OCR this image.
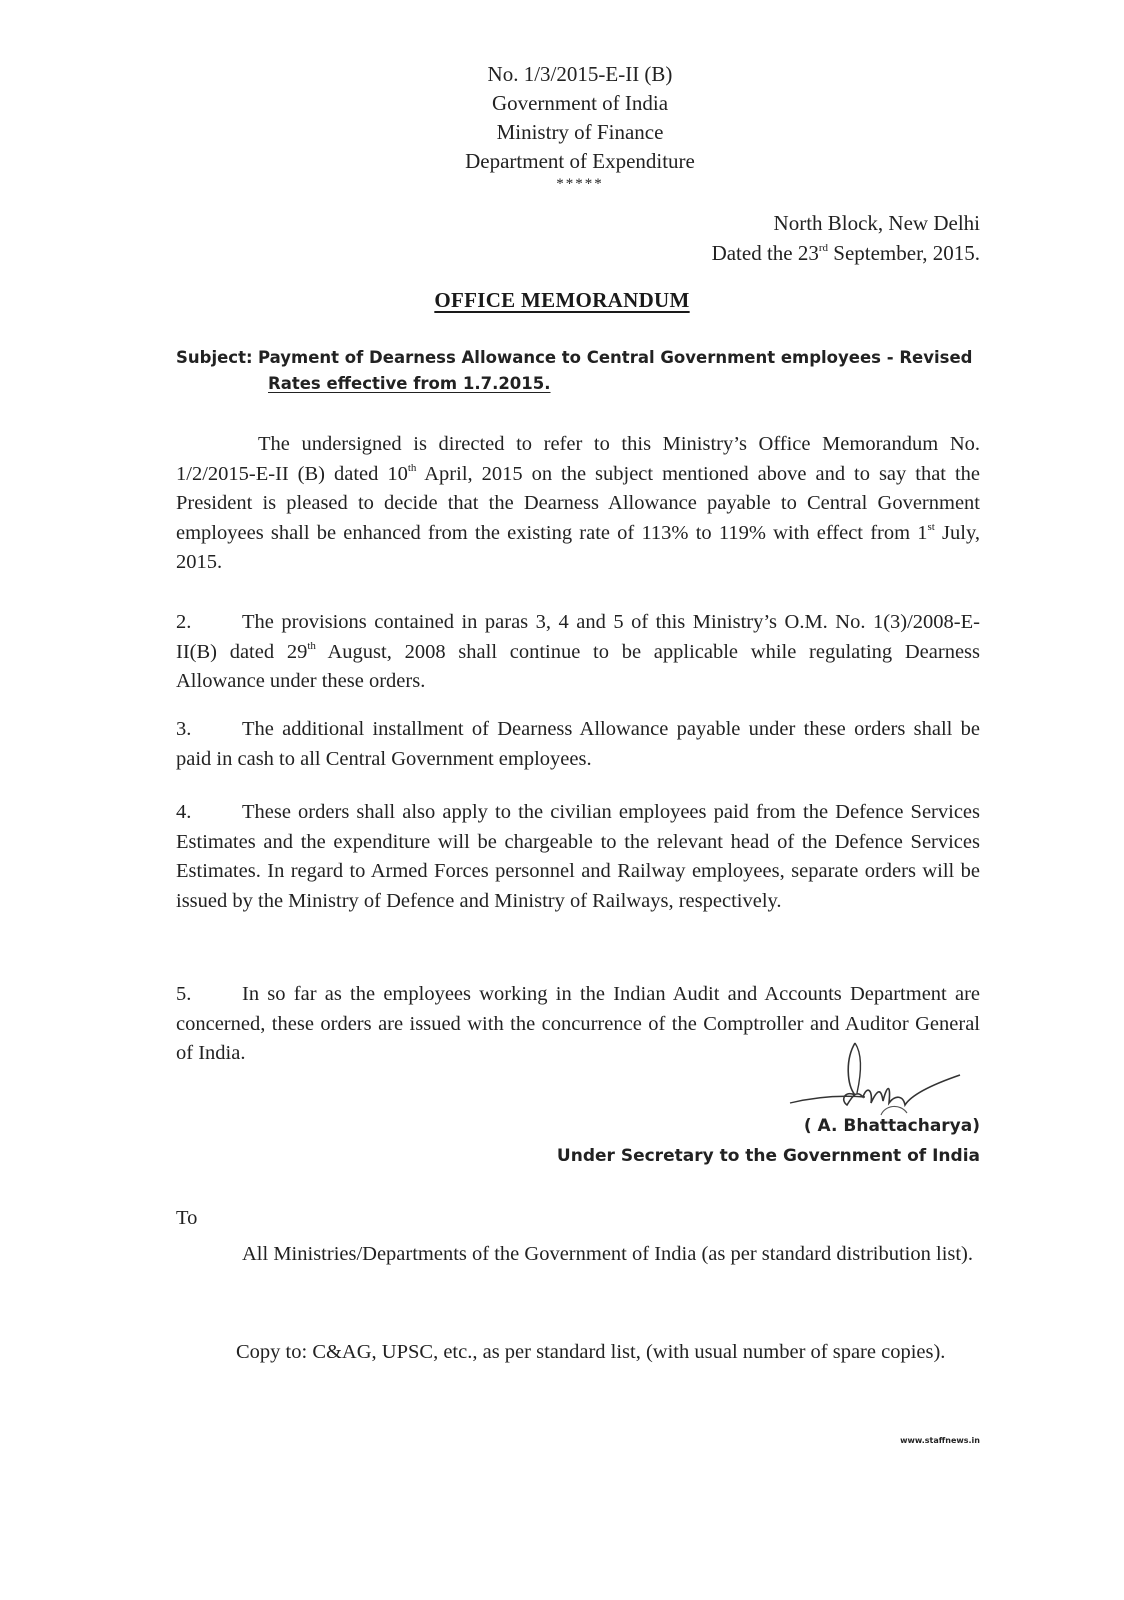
No. 1/3/2015-E-II (B)
Government of India
Ministry of Finance
Department of Expenditure
*****
North Block, New Delhi
Dated the 23rd September, 2015.
OFFICE MEMORANDUM
Subject: Payment of Dearness Allowance to Central Government employees - Revised
Rates effective from 1.7.2015.
The undersigned is directed to refer to this Ministry’s Office Memorandum No. 1/2/2015-E-II (B) dated 10th April, 2015 on the subject mentioned above and to say that the President is pleased to decide that the Dearness Allowance payable to Central Government employees shall be enhanced from the existing rate of 113% to 119% with effect from 1st July, 2015.
2. The provisions contained in paras 3, 4 and 5 of this Ministry’s O.M. No. 1(3)/2008-E-II(B) dated 29th August, 2008 shall continue to be applicable while regulating Dearness Allowance under these orders.
3. The additional installment of Dearness Allowance payable under these orders shall be paid in cash to all Central Government employees.
4. These orders shall also apply to the civilian employees paid from the Defence Services Estimates and the expenditure will be chargeable to the relevant head of the Defence Services Estimates. In regard to Armed Forces personnel and Railway employees, separate orders will be issued by the Ministry of Defence and Ministry of Railways, respectively.
5. In so far as the employees working in the Indian Audit and Accounts Department are concerned, these orders are issued with the concurrence of the Comptroller and Auditor General of India.
( A. Bhattacharya)
Under Secretary to the Government of India
To
All Ministries/Departments of the Government of India (as per standard distribution list).
Copy to: C&AG, UPSC, etc., as per standard list, (with usual number of spare copies).
www.staffnews.in
